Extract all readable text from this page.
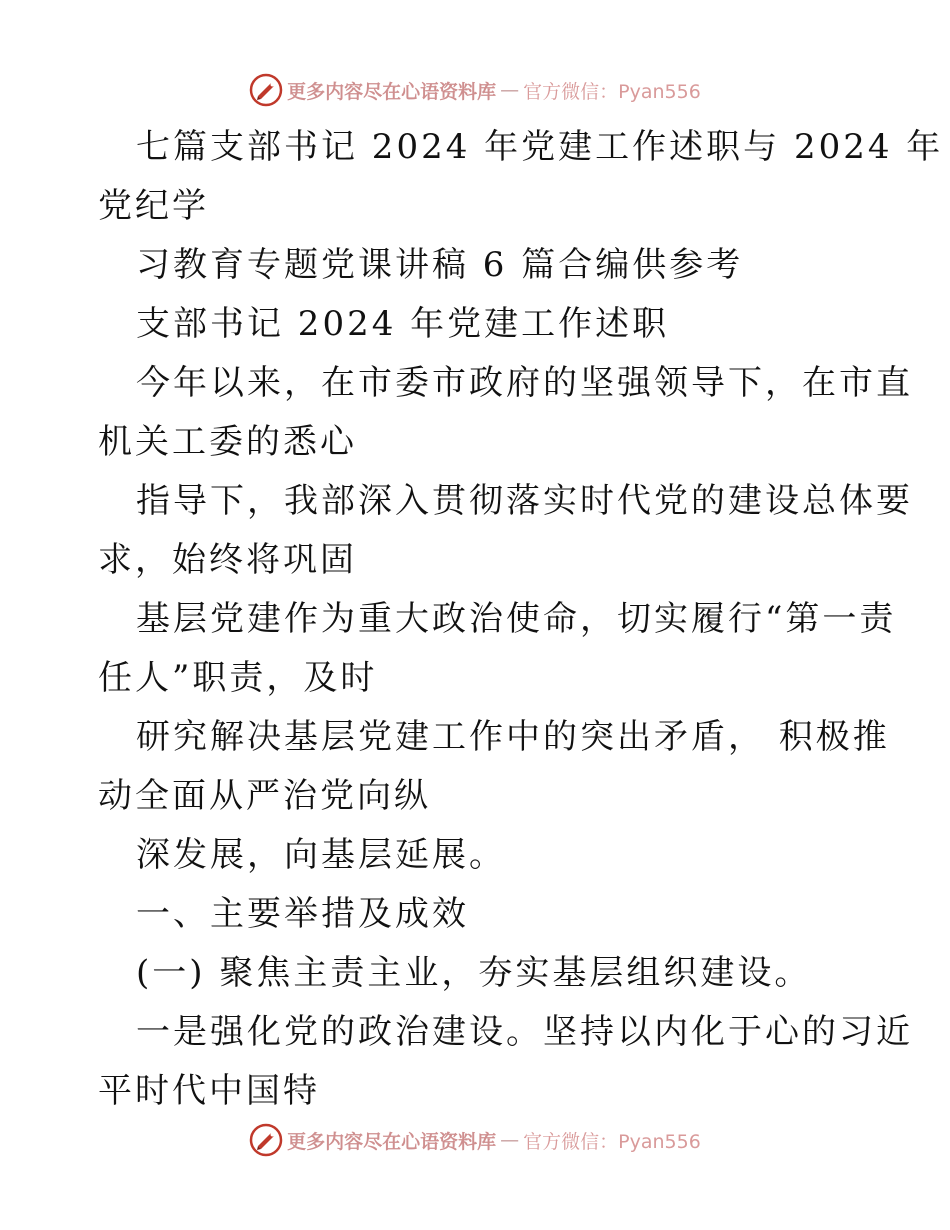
更多内容尽在心语资料库 — 官方微信：Pyan556
七篇支部书记 2024 年党建工作述职与 2024 年
党纪学
习教育专题党课讲稿 6 篇合编供参考
支部书记 2024 年党建工作述职
今年以来，在市委市政府的坚强领导下，在市直
机关工委的悉心
指导下，我部深入贯彻落实时代党的建设总体要
求，始终将巩固
基层党建作为重大政治使命，切实履行“第一责
任人”职责，及时
研究解决基层党建工作中的突出矛盾， 积极推
动全面从严治党向纵
深发展，向基层延展。
一、主要举措及成效
(一) 聚焦主责主业，夯实基层组织建设。
一是强化党的政治建设。坚持以内化于心的习近
平时代中国特
更多内容尽在心语资料库 — 官方微信：Pyan556
